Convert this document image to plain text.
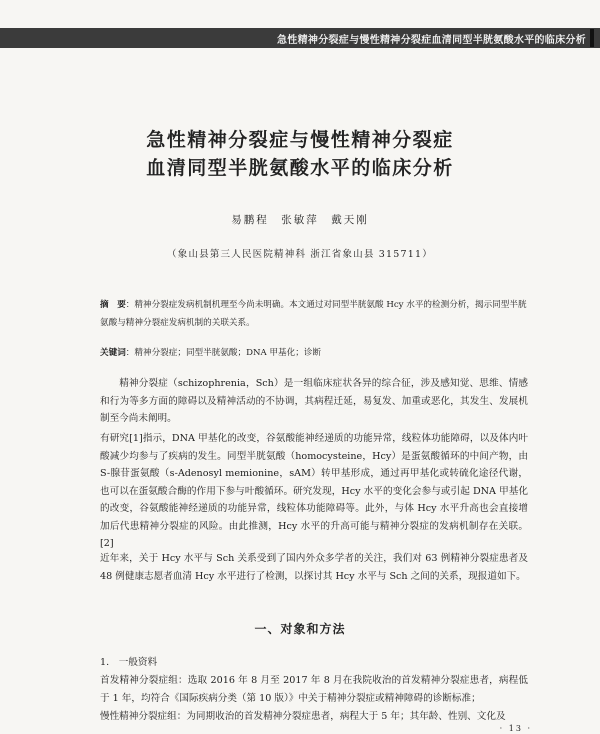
急性精神分裂症与慢性精神分裂症血清同型半胱氨酸水平的临床分析
急性精神分裂症与慢性精神分裂症
血清同型半胱氨酸水平的临床分析
易鹏程　张敏萍　戴天刚
（象山县第三人民医院精神科 浙江省象山县 315711）
摘　要：精神分裂症发病机制机理至今尚未明确。本文通过对同型半胱氨酸 Hcy 水平的检测分析，揭示同型半胱氨酸与精神分裂症发病机制的关联关系。
关键词：精神分裂症；同型半胱氨酸；DNA 甲基化；诊断
精神分裂症（schizophrenia，Sch）是一组临床症状各异的综合征，涉及感知觉、思维、情感和行为等多方面的障碍以及精神活动的不协调，其病程迁延，易复发、加重或恶化，其发生、发展机制至今尚未阐明。
有研究[1]指示，DNA 甲基化的改变，谷氨酸能神经递质的功能异常，线粒体功能障碍，以及体内叶酸减少均参与了疾病的发生。同型半胱氨酸（homocysteine，Hcy）是蛋氨酸循环的中间产物，由 S-腺苷蛋氨酸（s-Adenosyl memionine，sAM）转甲基形成，通过再甲基化或转硫化途径代谢，也可以在蛋氨酸合酶的作用下参与叶酸循环。研究发现，Hcy 水平的变化会参与或引起 DNA 甲基化的改变，谷氨酸能神经递质的功能异常，线粒体功能障碍等。此外，与体 Hcy 水平升高也会直接增加后代患精神分裂症的风险。由此推测，Hcy 水平的升高可能与精神分裂症的发病机制存在关联。[2]
近年来，关于 Hcy 水平与 Sch 关系受到了国内外众多学者的关注，我们对 63 例精神分裂症患者及 48 例健康志愿者血清 Hcy 水平进行了检测，以探讨其 Hcy 水平与 Sch 之间的关系，现报道如下。
一、对象和方法
1.　一般资料
首发精神分裂症组：选取 2016 年 8 月至 2017 年 8 月在我院收治的首发精神分裂症患者，病程低于 1 年，均符合《国际疾病分类（第 10 版）》中关于精神分裂症或精神障碍的诊断标准；
慢性精神分裂症组：为同期收治的首发精神分裂症患者，病程大于 5 年；其年龄、性别、文化及
· 13 ·
